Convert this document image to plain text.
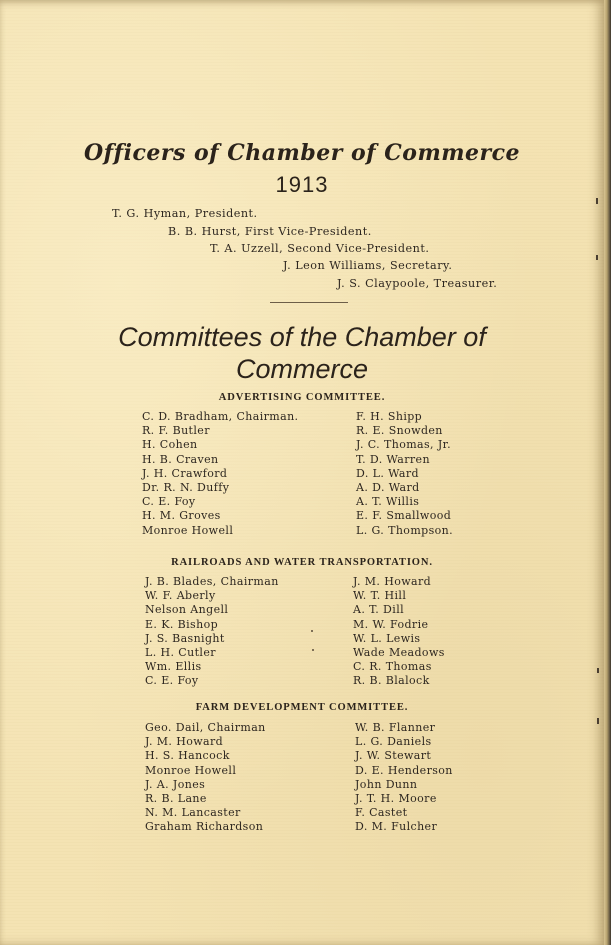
Officers of Chamber of Commerce
1913
T. G. Hyman, President.
B. B. Hurst, First Vice-President.
T. A. Uzzell, Second Vice-President.
J. Leon Williams, Secretary.
J. S. Claypoole, Treasurer.
Committees of the Chamber of
Commerce
ADVERTISING COMMITTEE.
C. D. Bradham, Chairman.
R. F. Butler
H. Cohen
H. B. Craven
J. H. Crawford
Dr. R. N. Duffy
C. E. Foy
H. M. Groves
Monroe Howell
F. H. Shipp
R. E. Snowden
J. C. Thomas, Jr.
T. D. Warren
D. L. Ward
A. D. Ward
A. T. Willis
E. F. Smallwood
L. G. Thompson.
RAILROADS AND WATER TRANSPORTATION.
J. B. Blades, Chairman
W. F. Aberly
Nelson Angell
E. K. Bishop
J. S. Basnight
L. H. Cutler
Wm. Ellis
C. E. Foy
J. M. Howard
W. T. Hill
A. T. Dill
M. W. Fodrie
W. L. Lewis
Wade Meadows
C. R. Thomas
R. B. Blalock
FARM DEVELOPMENT COMMITTEE.
Geo. Dail, Chairman
J. M. Howard
H. S. Hancock
Monroe Howell
J. A. Jones
R. B. Lane
N. M. Lancaster
Graham Richardson
W. B. Flanner
L. G. Daniels
J. W. Stewart
D. E. Henderson
John Dunn
J. T. H. Moore
F. Castet
D. M. Fulcher
